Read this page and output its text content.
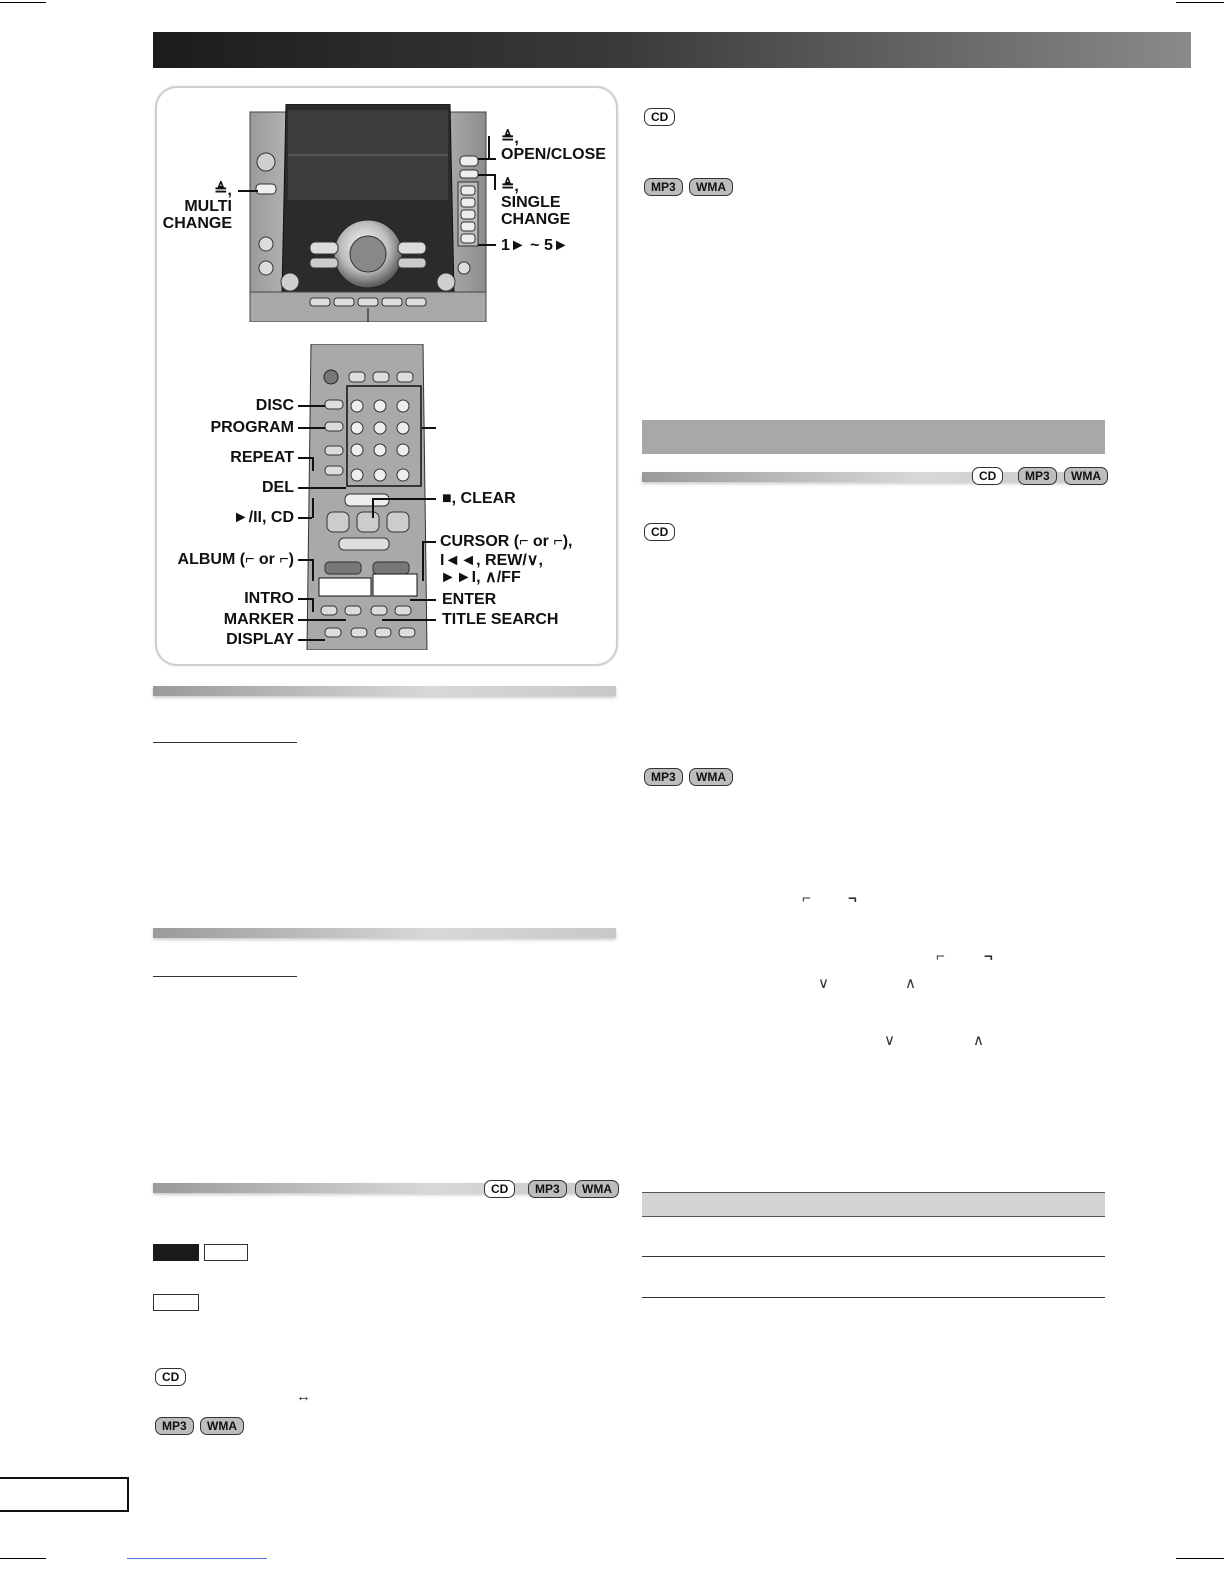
≜,
OPEN/CLOSE
≜,
SINGLE
CHANGE
1► ~ 5►
≜,
MULTI
CHANGE
DISC
PROGRAM
REPEAT
DEL
►/II, CD
ALBUM (⌐ or ⌐)
INTRO
MARKER
DISPLAY
■, CLEAR
CURSOR (⌐ or ⌐),
I◄◄, REW/∨,
►►I, ∧/FF
ENTER
TITLE SEARCH
CD	MP3	WMA
CD
↔
MP3	WMA
CD
MP3	WMA
CD	MP3	WMA
CD
MP3	WMA
⌐ ¬
⌐	¬
∨	∧
∨	∧
